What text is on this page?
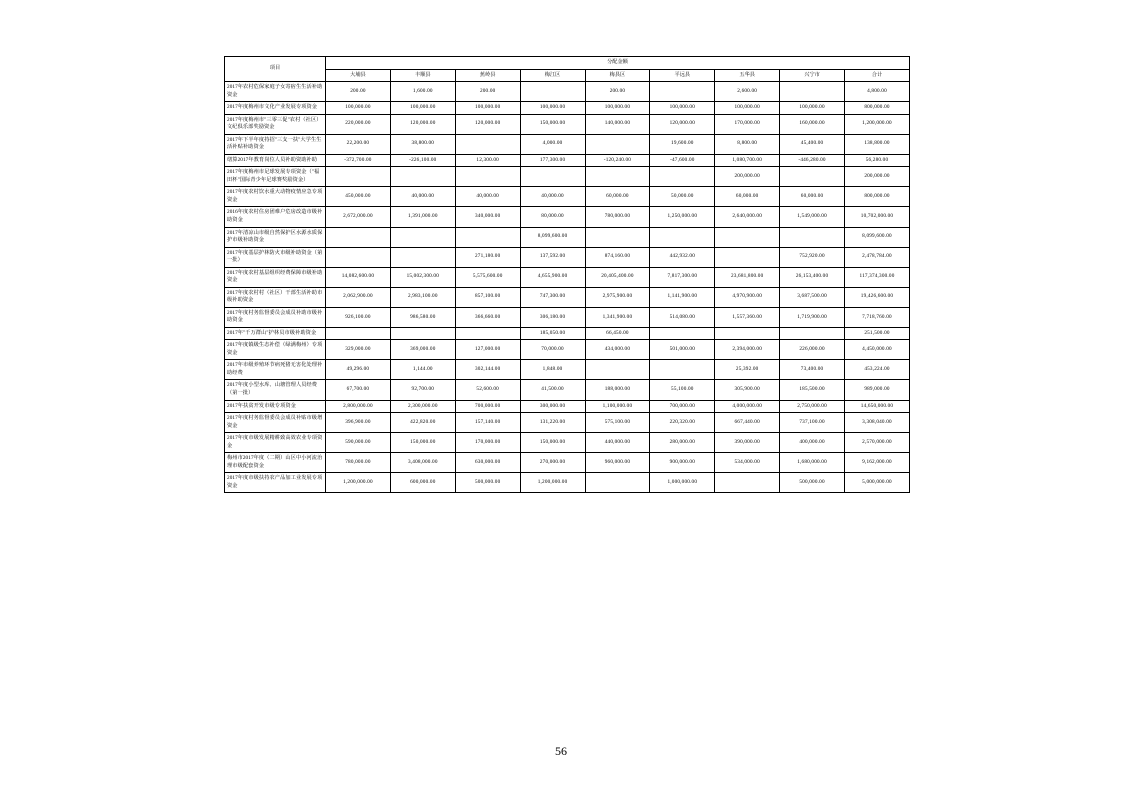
项目	分配金额								
	大埔县	丰顺县	蕉岭县	梅江区	梅县区	平远县	五华县	兴宁市	合计
2017年农村危保家庭子女寄宿生生活补助资金	200.00	1,600.00	200.00		200.00		2,600.00		4,800.00
2017年度梅州市文化产业发展专项资金	100,000.00	100,000.00	100,000.00	100,000.00	100,000.00	100,000.00	100,000.00	100,000.00	800,000.00
2017年度梅州市"三零三促"农村（社区）文纪俱乐部奖励资金	220,000.00	120,000.00	120,000.00	150,000.00	140,000.00	120,000.00	170,000.00	160,000.00	1,200,000.00
2017年下半年度持招"三支一扶"大学生生活补贴补助资金	22,200.00	38,800.00		4,000.00		19,600.00	8,800.00	45,400.00	138,800.00
缮算2017年教育岗位人员补助资助补助	-372,700.00	-226,100.00	12,300.00	177,300.00	-120,240.00	-47,600.00	1,080,700.00	-446,280.00	56,280.00
2017年度梅州市足球发展专项资金（"福田杯"国际青少年足球赛奖励资金）							200,000.00		200,000.00
2017年度农村饮水重大动物疫情应急专项资金	450,000.00	40,000.00	40,000.00	40,000.00	60,000.00	50,000.00	60,000.00	60,000.00	800,000.00
2016年度农村住房团难户危房改造市级补助资金	2,672,000.00	1,391,000.00	340,000.00	80,000.00	780,000.00	1,250,000.00	2,640,000.00	1,549,000.00	10,702,000.00
2017年清凉山市级自然保护区水源水质保护市级补助资金				8,099,600.00					8,099,600.00
2017年度基层护林防火市级补助资金（第一批）			271,180.00	137,592.00	874,160.00	442,932.00		752,920.00	2,478,784.00
2017年度农村基层组织经费保障市级补助资金	14,082,600.00	15,002,300.00	5,575,600.00	4,655,900.00	20,405,400.00	7,817,300.00	23,681,800.00	26,153,400.00	117,374,300.00
2017年度农村村（社区）干部生活补助市级补助资金	2,062,900.00	2,983,100.00	857,100.00	747,300.00	2,975,900.00	1,141,900.00	4,970,900.00	3,687,500.00	19,426,600.00
2017年度村务监督委员会成员补助市级补助资金	926,100.00	986,580.00	366,660.00	306,180.00	1,341,900.00	514,080.00	1,557,360.00	1,719,900.00	7,718,760.00
2017年"千万群山"护林员市级补助资金				185,050.00	66,450.00				251,500.00
2017年度镇级生态补偿（绿满梅州）专项资金	329,000.00	369,000.00	127,000.00	70,000.00	434,000.00	501,000.00	2,394,000.00	226,000.00	4,450,000.00
2017年市级养殖环节病死猪无害化处理补助经费	49,296.00	1,144.00	302,144.00	1,848.00			25,392.00	73,400.00	453,224.00
2017年度小型水库、山塘管理人员经费（第一批）	67,700.00	92,700.00	52,600.00	41,500.00	188,000.00	55,100.00	305,900.00	185,500.00	989,000.00
2017年扶贫开发市级专项资金	2,800,000.00	2,300,000.00	700,000.00	300,000.00	1,100,000.00	700,000.00	4,000,000.00	2,750,000.00	14,650,000.00
2017年度村务监督委员会成员补贴市级增资金	396,900.00	422,820.00	157,140.00	131,220.00	575,100.00	220,320.00	667,440.00	737,100.00	3,308,040.00
2017年度市级发展精耕致高效农业专项资金	590,000.00	150,000.00	170,000.00	150,000.00	440,000.00	280,000.00	390,000.00	400,000.00	2,570,000.00
梅州市2017年度（二期）山区中小河流治理市级配套资金	780,000.00	3,408,000.00	630,000.00	270,000.00	960,000.00	900,000.00	534,000.00	1,680,000.00	9,162,000.00
2017年度市级扶持农产品加工业发展专项资金	1,200,000.00	600,000.00	500,000.00	1,200,000.00		1,000,000.00		500,000.00	5,000,000.00
56
